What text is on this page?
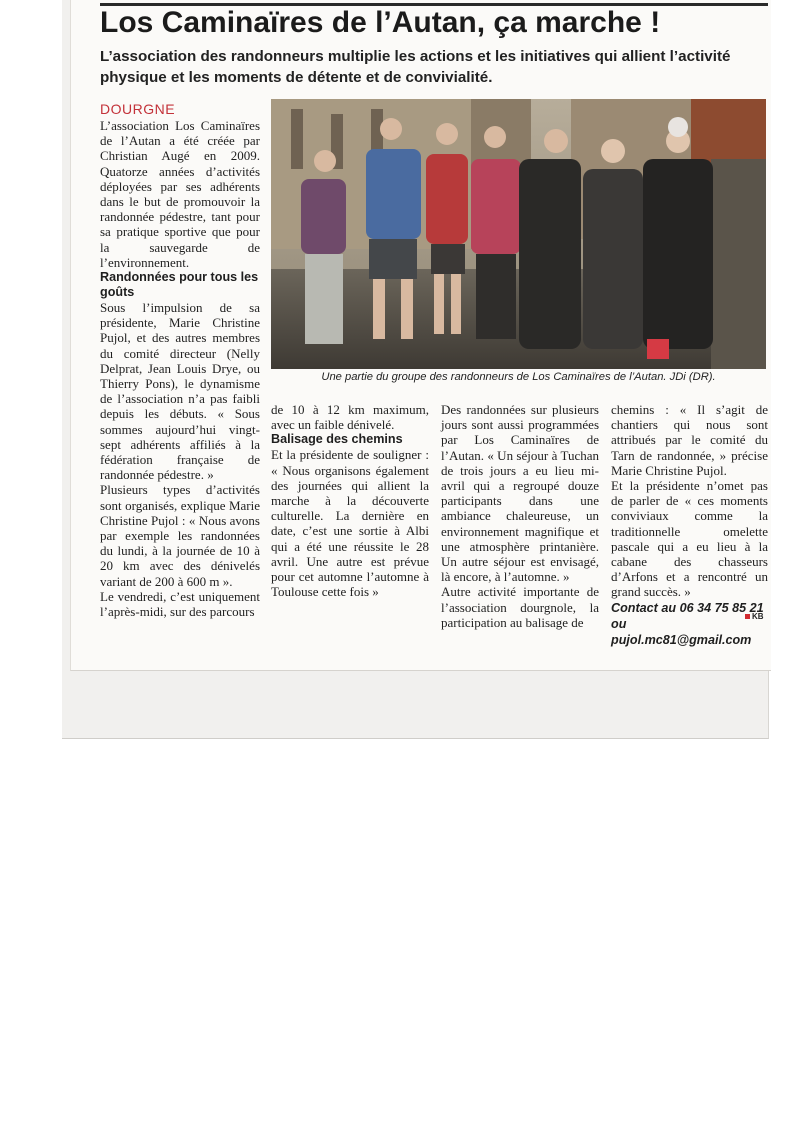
Los Caminaïres de l’Autan, ça marche !
L’association des randonneurs multiplie les actions et les initiatives qui allient l’activité physique et les moments de détente et de convivialité.

DOURGNE

L’association Los Caminaïres de l’Autan a été créée par Christian Augé en 2009. Quatorze années d’activités déployées par ses adhérents dans le but de promouvoir la randonnée pédestre, tant pour sa pratique sportive que pour la sauvegarde de l’environnement.

Randonnées pour tous les goûts

Sous l’impulsion de sa présidente, Marie Christine Pujol, et des autres membres du comité directeur (Nelly Delprat, Jean Louis Drye, ou Thierry Pons), le dynamisme de l’association n’a pas faibli depuis les débuts. « Sous sommes aujourd’hui vingt-sept adhérents affiliés à la fédération française de randonnée pédestre. »

Plusieurs types d’activités sont organisés, explique Marie Christine Pujol : « Nous avons par exemple les randonnées du lundi, à la journée de 10 à 20 km avec des dénivelés variant de 200 à 600 m ».

Le vendredi, c’est uniquement l’après-midi, sur des parcours

Une partie du groupe des randonneurs de Los Caminaïres de l’Autan. JDi (DR).

de 10 à 12 km maximum, avec un faible dénivelé.

Balisage des chemins

Et la présidente de souligner : « Nous organisons également des journées qui allient la marche à la découverte culturelle. La dernière en date, c’est une sortie à Albi qui a été une réussite le 28 avril. Une autre est prévue pour cet automne l’automne à Toulouse cette fois »

Des randonnées sur plusieurs jours sont aussi programmées par Los Caminaïres de l’Autan. « Un séjour à Tuchan de trois jours a eu lieu mi-avril qui a regroupé douze participants dans une ambiance chaleureuse, un environnement magnifique et une atmosphère printanière. Un autre séjour est envisagé, là encore, à l’automne. »

Autre activité importante de l’association dourgnole, la participation au balisage de

chemins : « Il s’agit de chantiers qui nous sont attribués par le comité du Tarn de randonnée, » précise Marie Christine Pujol.

Et la présidente n’omet pas de parler de « ces moments conviviaux comme la traditionnelle omelette pascale qui a eu lieu à la cabane des chasseurs d’Arfons et a rencontré un grand succès. »

Contact au 06 34 75 85 21

ou pujol.mc81@gmail.com

KB
